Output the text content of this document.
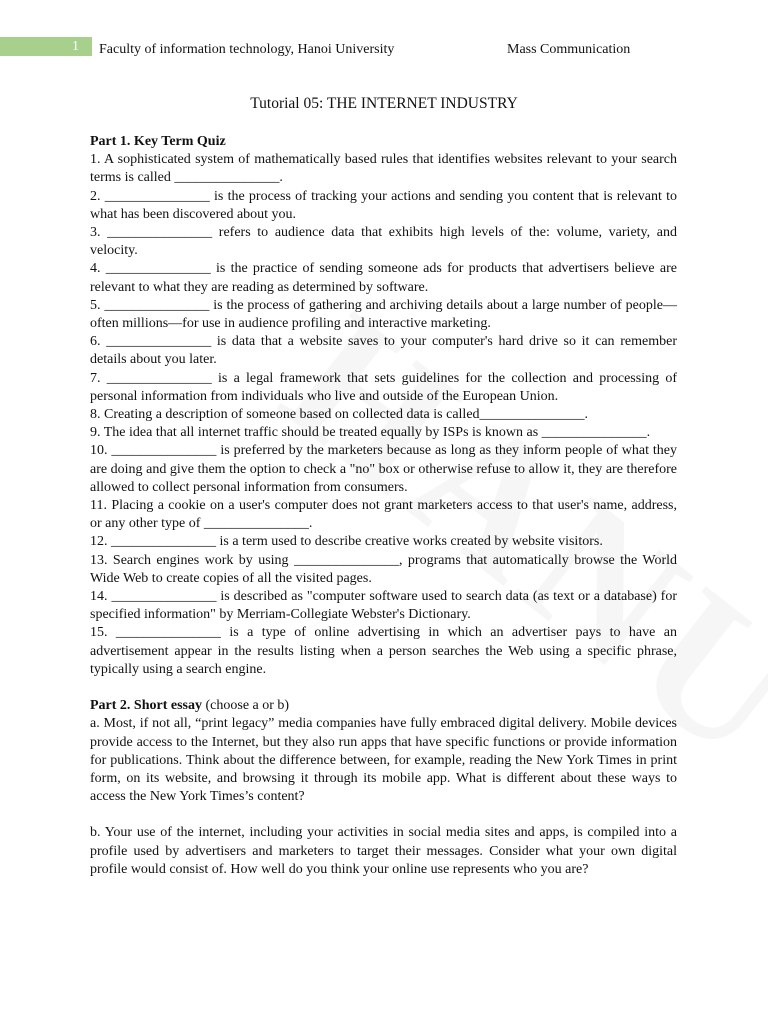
1 Faculty of information technology, Hanoi University	Mass Communication
Tutorial 05: THE INTERNET INDUSTRY

Part 1. Key Term Quiz

1. A sophisticated system of mathematically based rules that identifies websites relevant to your search terms is called _______________.

2. _______________ is the process of tracking your actions and sending you content that is relevant to what has been discovered about you.

3. _______________ refers to audience data that exhibits high levels of the: volume, variety, and velocity.

4. _______________ is the practice of sending someone ads for products that advertisers believe are relevant to what they are reading as determined by software.

5. _______________ is the process of gathering and archiving details about a large number of people—often millions—for use in audience profiling and interactive marketing.

6. _______________ is data that a website saves to your computer's hard drive so it can remember details about you later.

7. _______________ is a legal framework that sets guidelines for the collection and processing of personal information from individuals who live and outside of the European Union.

8. Creating a description of someone based on collected data is called_______________.

9. The idea that all internet traffic should be treated equally by ISPs is known as _______________.

10. _______________ is preferred by the marketers because as long as they inform people of what they are doing and give them the option to check a "no" box or otherwise refuse to allow it, they are therefore allowed to collect personal information from consumers.

11. Placing a cookie on a user's computer does not grant marketers access to that user's name, address, or any other type of _______________.

12. _______________ is a term used to describe creative works created by website visitors.

13. Search engines work by using _______________, programs that automatically browse the World Wide Web to create copies of all the visited pages.

14. _______________ is described as "computer software used to search data (as text or a database) for specified information" by Merriam-Collegiate Webster's Dictionary.

15. _______________ is a type of online advertising in which an advertiser pays to have an advertisement appear in the results listing when a person searches the Web using a specific phrase, typically using a search engine.

Part 2. Short essay (choose a or b)

a. Most, if not all, “print legacy” media companies have fully embraced digital delivery. Mobile devices provide access to the Internet, but they also run apps that have specific functions or provide information for publications. Think about the difference between, for example, reading the New York Times in print form, on its website, and browsing it through its mobile app. What is different about these ways to access the New York Times’s content?

b. Your use of the internet, including your activities in social media sites and apps, is compiled into a profile used by advertisers and marketers to target their messages. Consider what your own digital profile would consist of. How well do you think your online use represents who you are?
